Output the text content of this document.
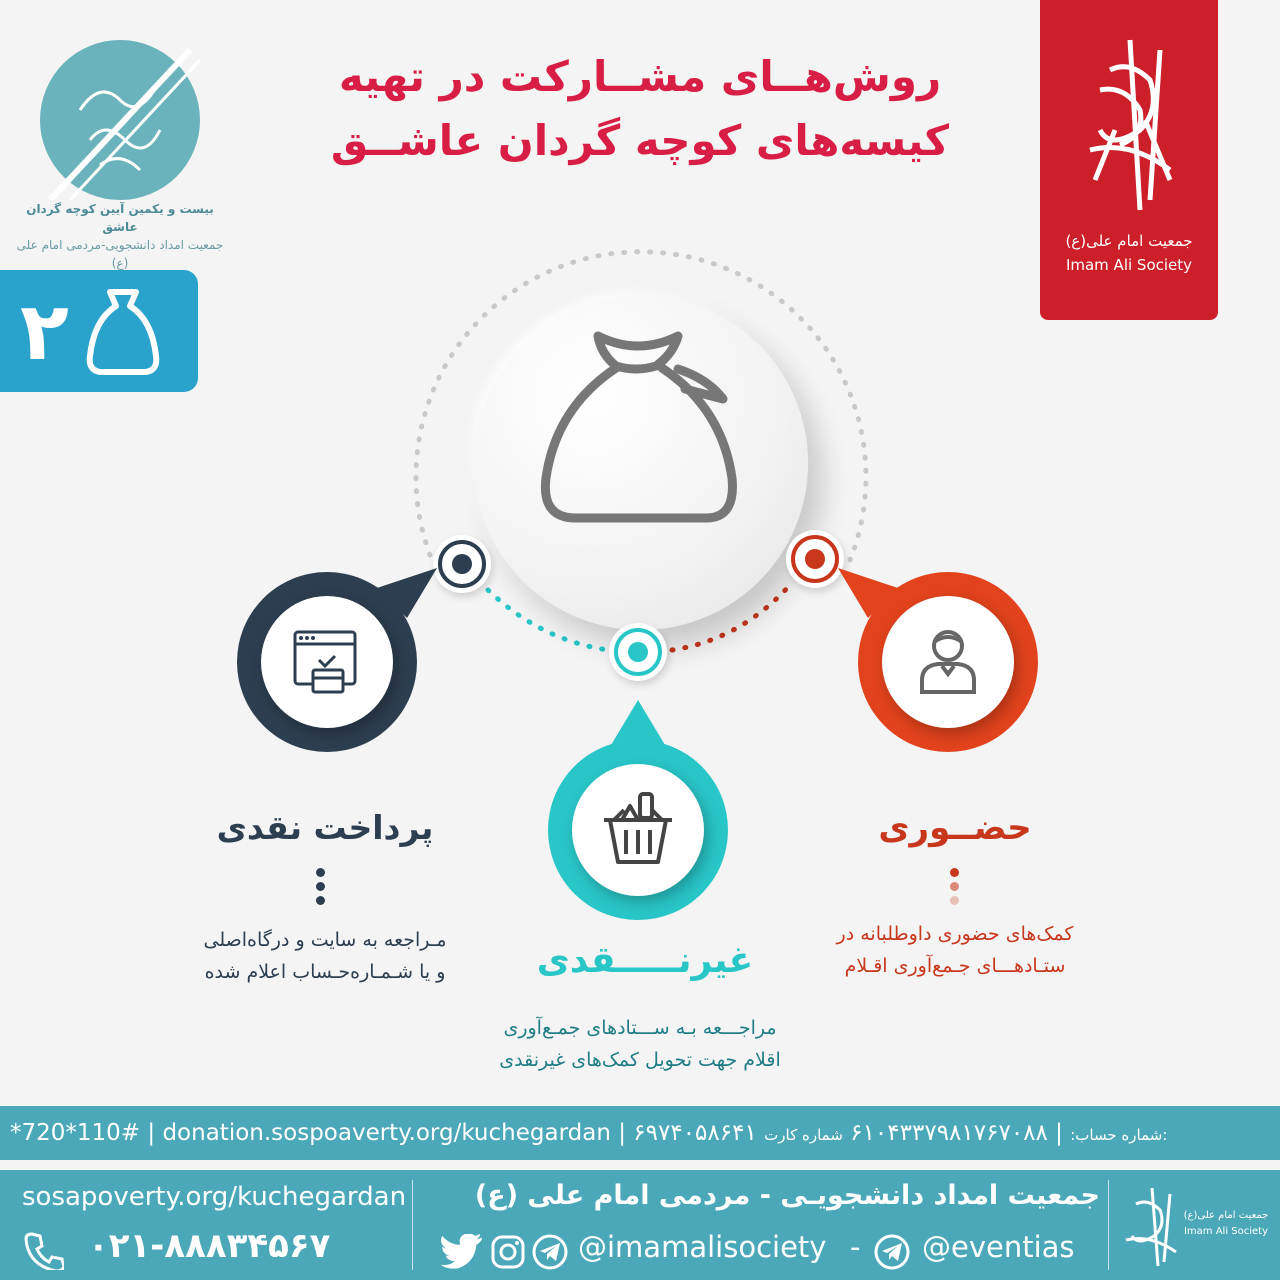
روش‌هــای مشــارکت در تهیه
کیسه‌های کوچه گردان عاشــق
بیست و یکمین آیین کوچه گردان عاشق
جمعیت امداد دانشجویی-مردمی امام علی (ع)
۲
جمعیت امام علی(ع)
Imam Ali Society
پرداخت نقدی
مـراجعه به سایت و درگاه‌اصلی
و یا شـمـاره‌حـساب اعلام شده	غیرنـــــقدی
مراجـــعه بـه ســـتادهای جمـع‌آوری
اقلام جهت تحویل کمک‌های غیرنقدی
حضــوری
کمک‌های حضوری داوطلبانه در
ستـادهـــای جـمع‌آوری اقـلام
*720*110# | donation.sospoaverty.org/kuchegardan | ۶۹۷۴۰۵۸۶۴۱	شماره حساب: | ۶۱۰۴۳۳۷۹۸۱۷۶۷۰۸۸ شماره کارت:
sosapoverty.org/kuchegardan
۰۲۱-۸۸۸۳۴۵۶۷
جمعیت امداد دانشجویـی - مردمی امام علی (ع)
@imamalisociety - @eventias
جمعیت امام علی(ع)
Imam Ali Society
